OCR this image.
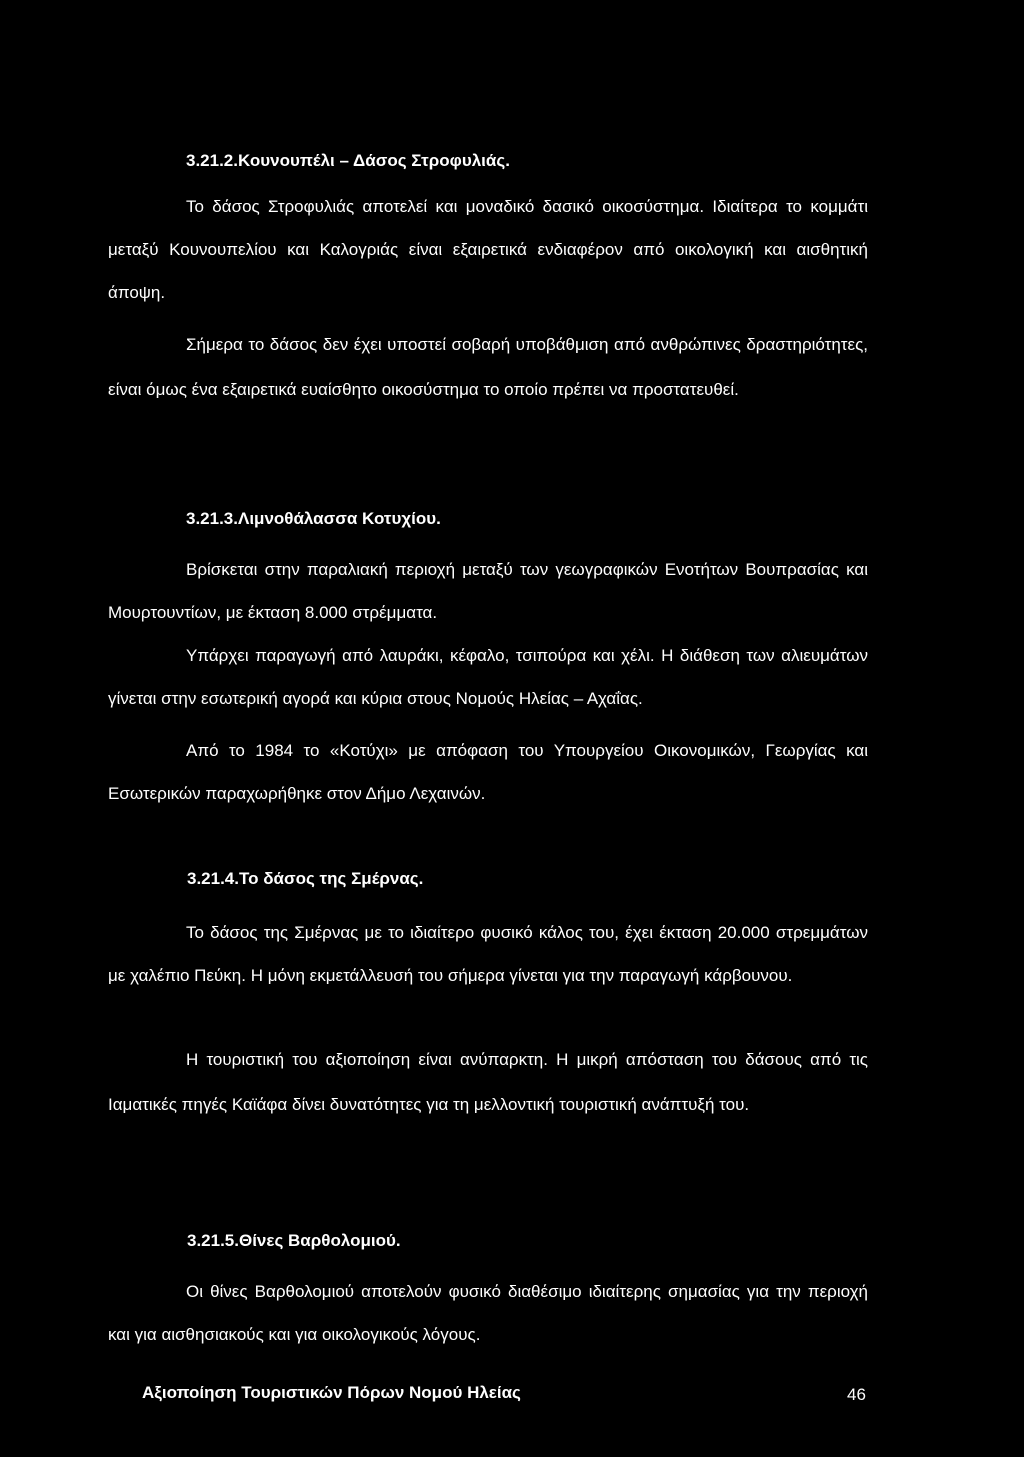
3.21.2.Κουνουπέλι – Δάσος Στροφυλιάς.
Το δάσος Στροφυλιάς αποτελεί και μοναδικό δασικό οικοσύστημα. Ιδιαίτερα το κομμάτι μεταξύ Κουνουπελίου και Καλογριάς είναι εξαιρετικά ενδιαφέρον από οικολογική και αισθητική άποψη.
Σήμερα το δάσος δεν έχει υποστεί σοβαρή υποβάθμιση από ανθρώπινες δραστηριότητες, είναι όμως ένα εξαιρετικά ευαίσθητο οικοσύστημα το οποίο πρέπει να προστατευθεί.
3.21.3.Λιμνοθάλασσα Κοτυχίου.
Βρίσκεται στην παραλιακή περιοχή μεταξύ των γεωγραφικών Ενοτήτων Βουπρασίας και Μουρτουντίων, με έκταση 8.000 στρέμματα.
Υπάρχει παραγωγή από λαυράκι, κέφαλο, τσιπούρα και χέλι. Η διάθεση των αλιευμάτων γίνεται στην εσωτερική αγορά και κύρια στους Νομούς Ηλείας – Αχαΐας.
Από το 1984 το «Κοτύχι» με απόφαση του Υπουργείου Οικονομικών, Γεωργίας και Εσωτερικών παραχωρήθηκε στον Δήμο Λεχαινών.
3.21.4.Το δάσος της Σμέρνας.
Το δάσος της Σμέρνας με το ιδιαίτερο φυσικό κάλος του, έχει έκταση 20.000 στρεμμάτων με χαλέπιο Πεύκη. Η μόνη εκμετάλλευσή του σήμερα γίνεται για την παραγωγή κάρβουνου.
Η τουριστική του αξιοποίηση είναι ανύπαρκτη. Η μικρή απόσταση του δάσους από τις Ιαματικές πηγές Καϊάφα δίνει δυνατότητες για τη μελλοντική τουριστική ανάπτυξή του.
3.21.5.Θίνες Βαρθολομιού.
Οι θίνες Βαρθολομιού αποτελούν φυσικό διαθέσιμο ιδιαίτερης σημασίας για την περιοχή και για αισθησιακούς και για οικολογικούς λόγους.
Αξιοποίηση Τουριστικών Πόρων Νομού Ηλείας	46
